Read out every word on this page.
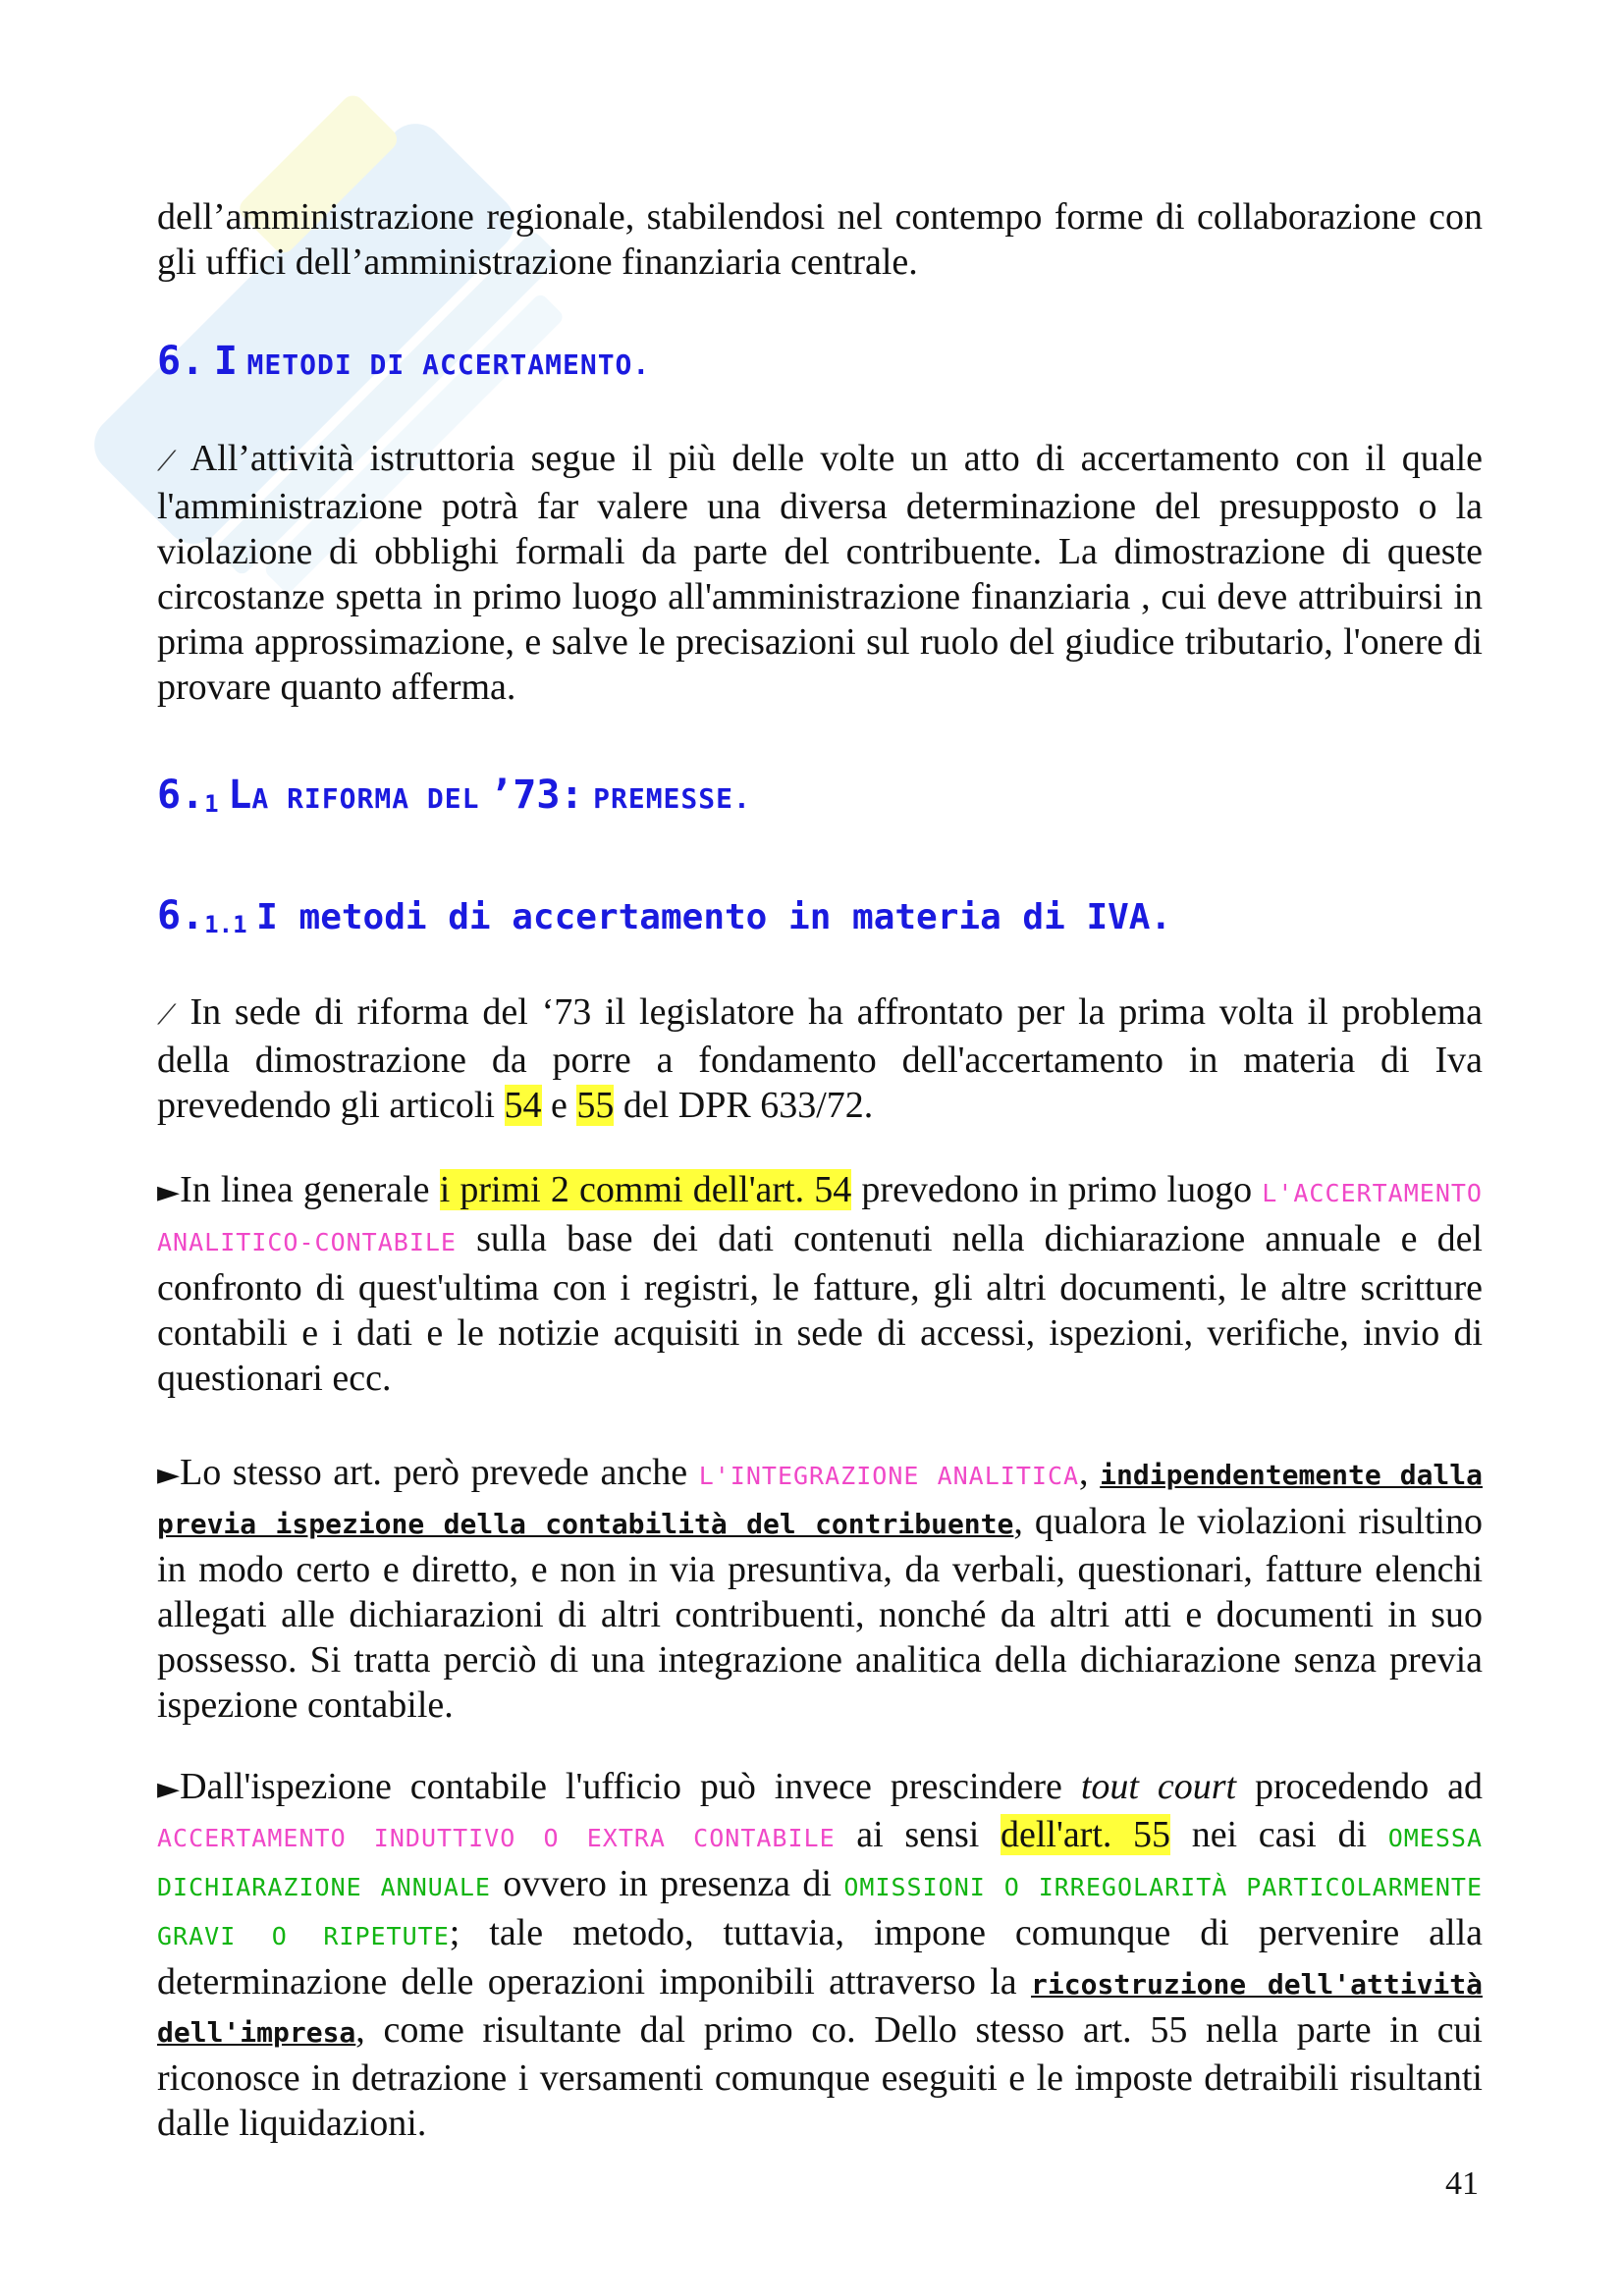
dell’amministrazione regionale, stabilendosi nel contempo forme di collaborazione con gli uffici dell’amministrazione finanziaria centrale.

6. I METODI DI ACCERTAMENTO.

⟋ All’attività istruttoria segue il più delle volte un atto di accertamento con il quale l'amministrazione potrà far valere una diversa determinazione del presupposto o la violazione di obblighi formali da parte del contribuente. La dimostrazione di queste circostanze spetta in primo luogo all'amministrazione finanziaria , cui deve attribuirsi in prima approssimazione, e salve le precisazioni sul ruolo del giudice tributario, l'onere di provare quanto afferma.

$6._1$ LA RIFORMA DEL ’73: PREMESSE.

$6._{1.1}$ I metodi di accertamento in materia di IVA.

⟋ In sede di riforma del ‘73 il legislatore ha affrontato per la prima volta il problema della dimostrazione da porre a fondamento dell'accertamento in materia di Iva prevedendo gli articoli 54 e 55 del DPR 633/72.

►In linea generale i primi 2 commi dell'art. 54 prevedono in primo luogo L'ACCERTAMENTO ANALITICO-CONTABILE sulla base dei dati contenuti nella dichiarazione annuale e del confronto di quest'ultima con i registri, le fatture, gli altri documenti, le altre scritture contabili e i dati e le notizie acquisiti in sede di accessi, ispezioni, verifiche, invio di questionari ecc.

►Lo stesso art. però prevede anche L'INTEGRAZIONE ANALITICA, indipendentemente dalla previa ispezione della contabilità del contribuente, qualora le violazioni risultino in modo certo e diretto, e non in via presuntiva, da verbali, questionari, fatture elenchi allegati alle dichiarazioni di altri contribuenti, nonché da altri atti e documenti in suo possesso. Si tratta perciò di una integrazione analitica della dichiarazione senza previa ispezione contabile.

►Dall'ispezione contabile l'ufficio può invece prescindere tout court procedendo ad ACCERTAMENTO INDUTTIVO O EXTRA CONTABILE ai sensi dell'art. 55 nei casi di OMESSA DICHIARAZIONE ANNUALE ovvero in presenza di OMISSIONI O IRREGOLARITÀ PARTICOLARMENTE GRAVI O RIPETUTE; tale metodo, tuttavia, impone comunque di pervenire alla determinazione delle operazioni imponibili attraverso la ricostruzione dell'attività dell'impresa, come risultante dal primo co. Dello stesso art. 55 nella parte in cui riconosce in detrazione i versamenti comunque eseguiti e le imposte detraibili risultanti dalle liquidazioni.

41
